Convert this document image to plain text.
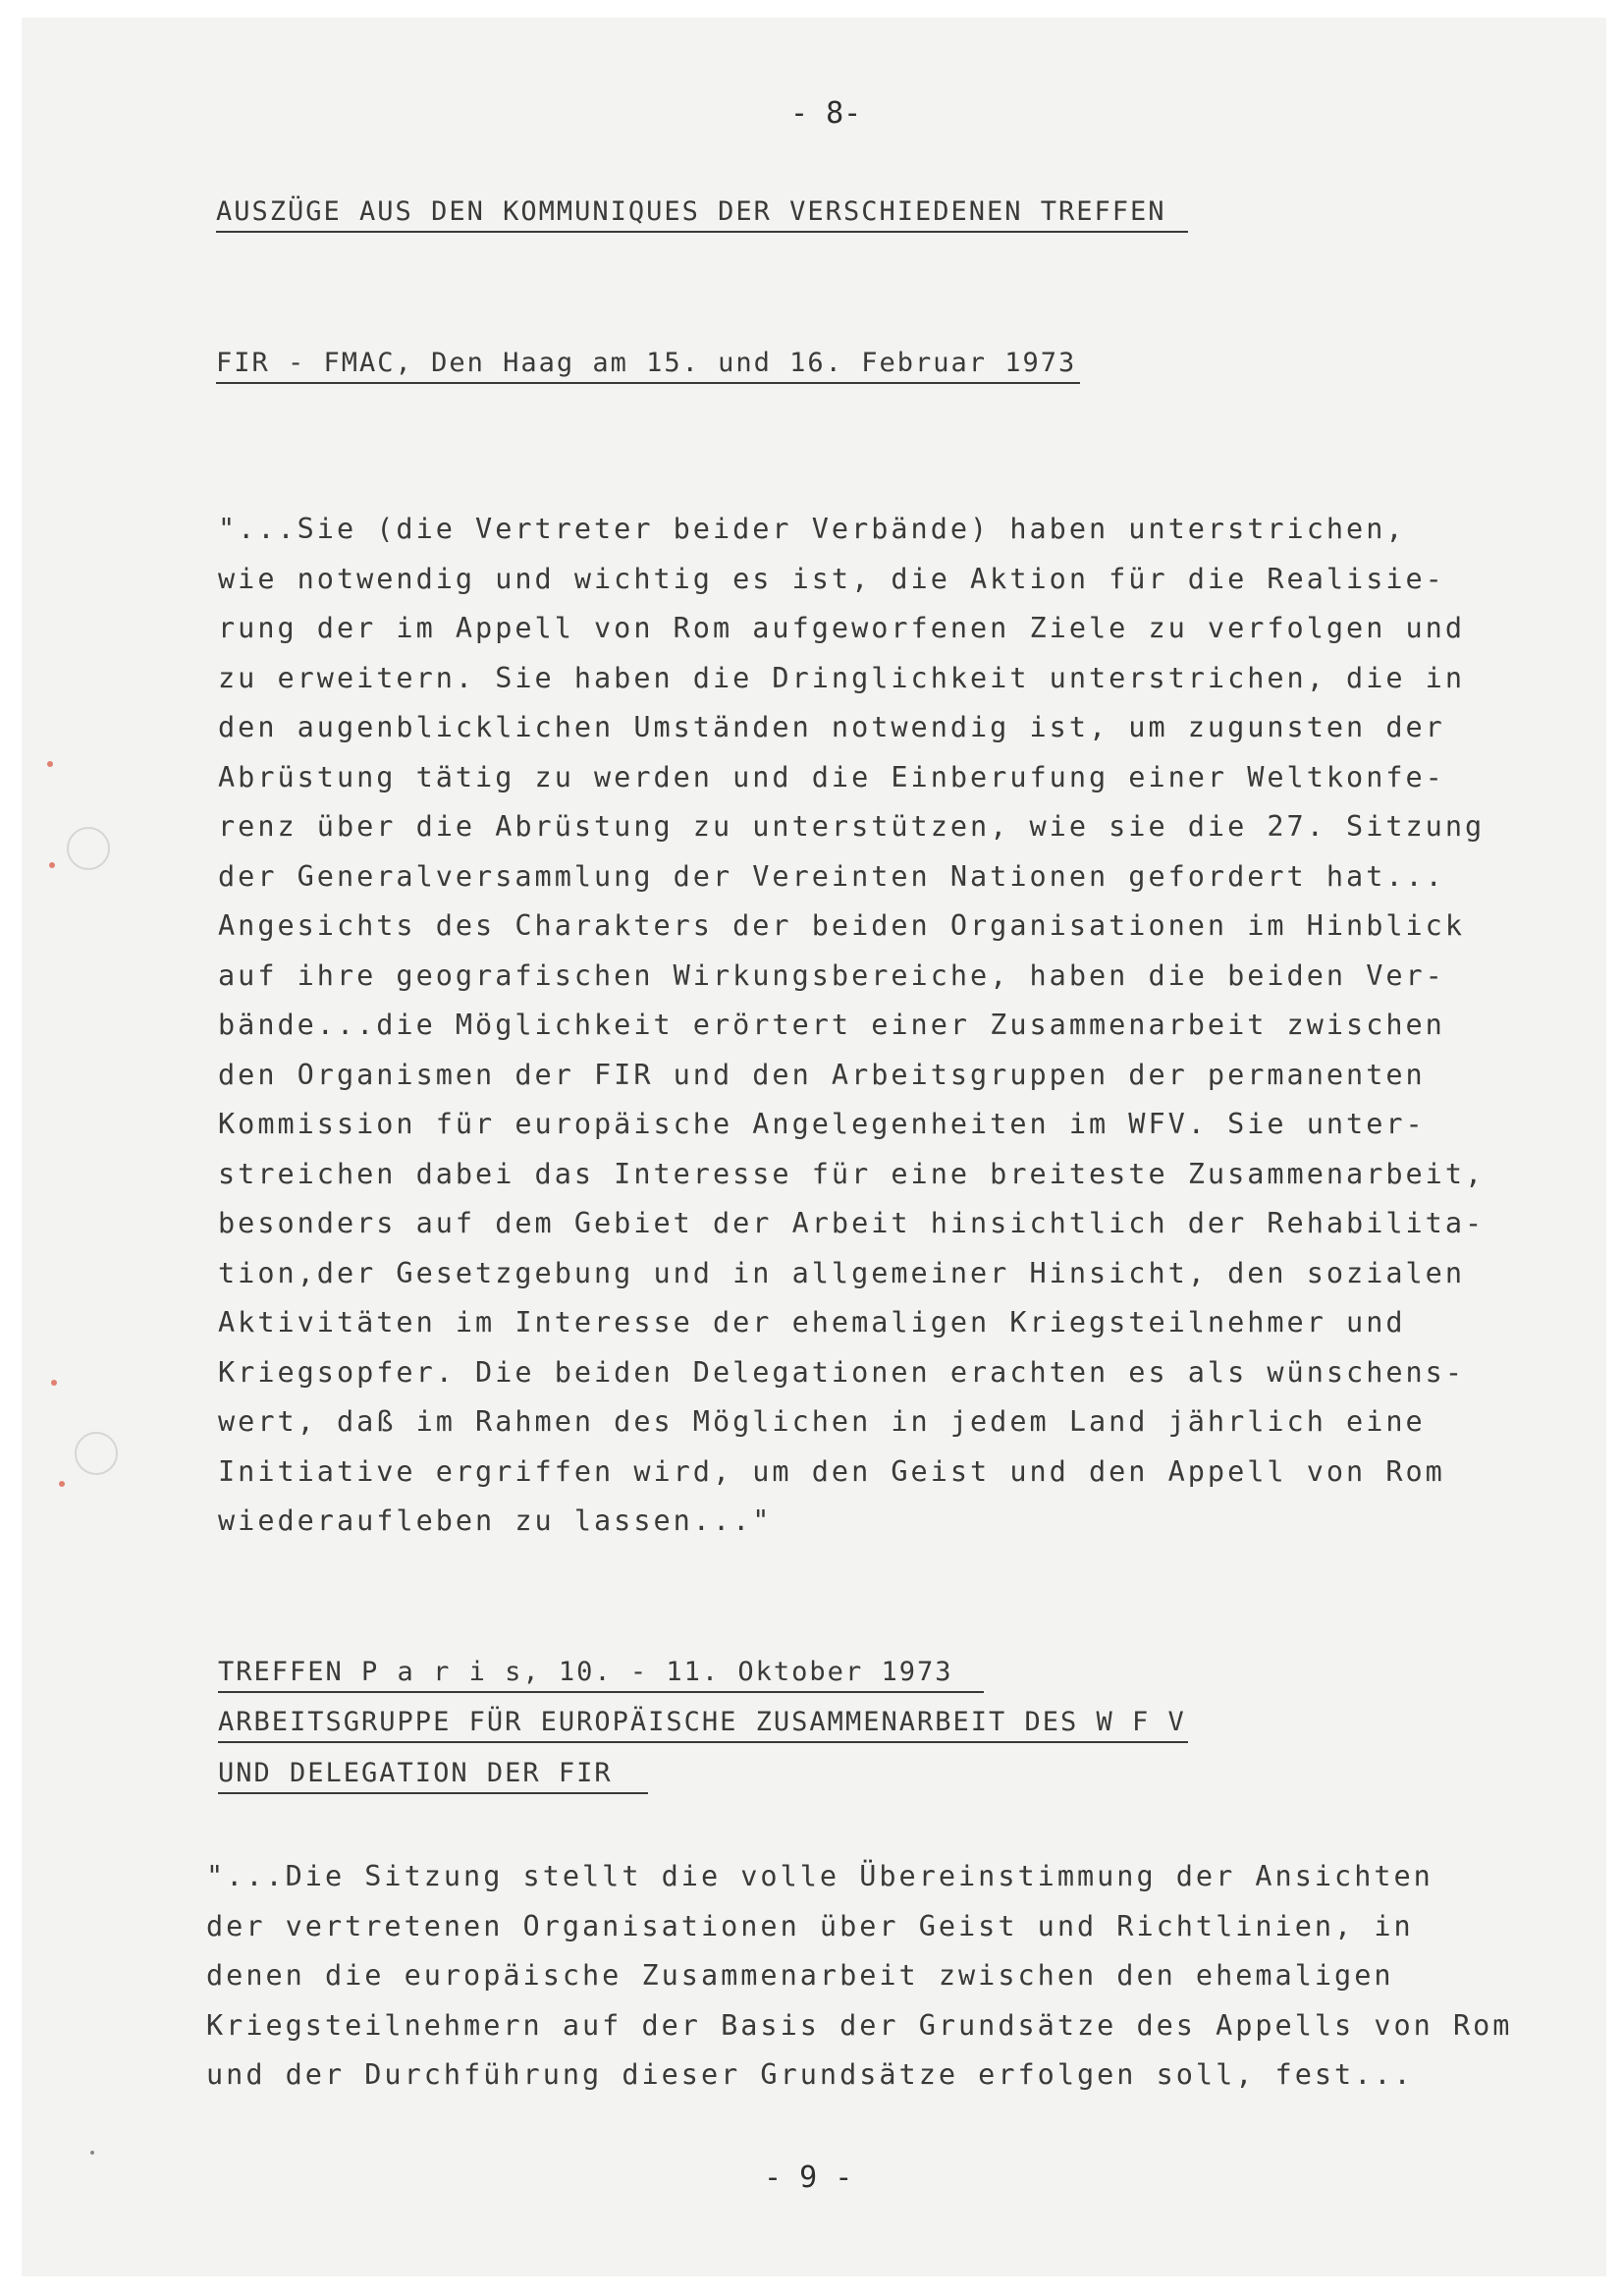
- 8-
AUSZÜGE AUS DEN KOMMUNIQUES DER VERSCHIEDENEN TREFFEN
FIR - FMAC, Den Haag am 15. und 16. Februar 1973
"...Sie (die Vertreter beider Verbände) haben unterstrichen,
wie notwendig und wichtig es ist, die Aktion für die Realisie-
rung der im Appell von Rom aufgeworfenen Ziele zu verfolgen und
zu erweitern. Sie haben die Dringlichkeit unterstrichen, die in
den augenblicklichen Umständen notwendig ist, um zugunsten der
Abrüstung tätig zu werden und die Einberufung einer Weltkonfe-
renz über die Abrüstung zu unterstützen, wie sie die 27. Sitzung
der Generalversammlung der Vereinten Nationen gefordert hat...
Angesichts des Charakters der beiden Organisationen im Hinblick
auf ihre geografischen Wirkungsbereiche, haben die beiden Ver-
bände...die Möglichkeit erörtert einer Zusammenarbeit zwischen
den Organismen der FIR und den Arbeitsgruppen der permanenten
Kommission für europäische Angelegenheiten im WFV. Sie unter-
streichen dabei das Interesse für eine breiteste Zusammenarbeit,
besonders auf dem Gebiet der Arbeit hinsichtlich der Rehabilita-
tion,der Gesetzgebung und in allgemeiner Hinsicht, den sozialen
Aktivitäten im Interesse der ehemaligen Kriegsteilnehmer und
Kriegsopfer. Die beiden Delegationen erachten es als wünschens-
wert, daß im Rahmen des Möglichen in jedem Land jährlich eine
Initiative ergriffen wird, um den Geist und den Appell von Rom
wiederaufleben zu lassen..."
TREFFEN P a r i s, 10. - 11. Oktober 1973
ARBEITSGRUPPE FÜR EUROPÄISCHE ZUSAMMENARBEIT DES W F V
UND DELEGATION DER FIR
"...Die Sitzung stellt die volle Übereinstimmung der Ansichten
der vertretenen Organisationen über Geist und Richtlinien, in
denen die europäische Zusammenarbeit zwischen den ehemaligen
Kriegsteilnehmern auf der Basis der Grundsätze des Appells von Rom
und der Durchführung dieser Grundsätze erfolgen soll, fest...
- 9 -
